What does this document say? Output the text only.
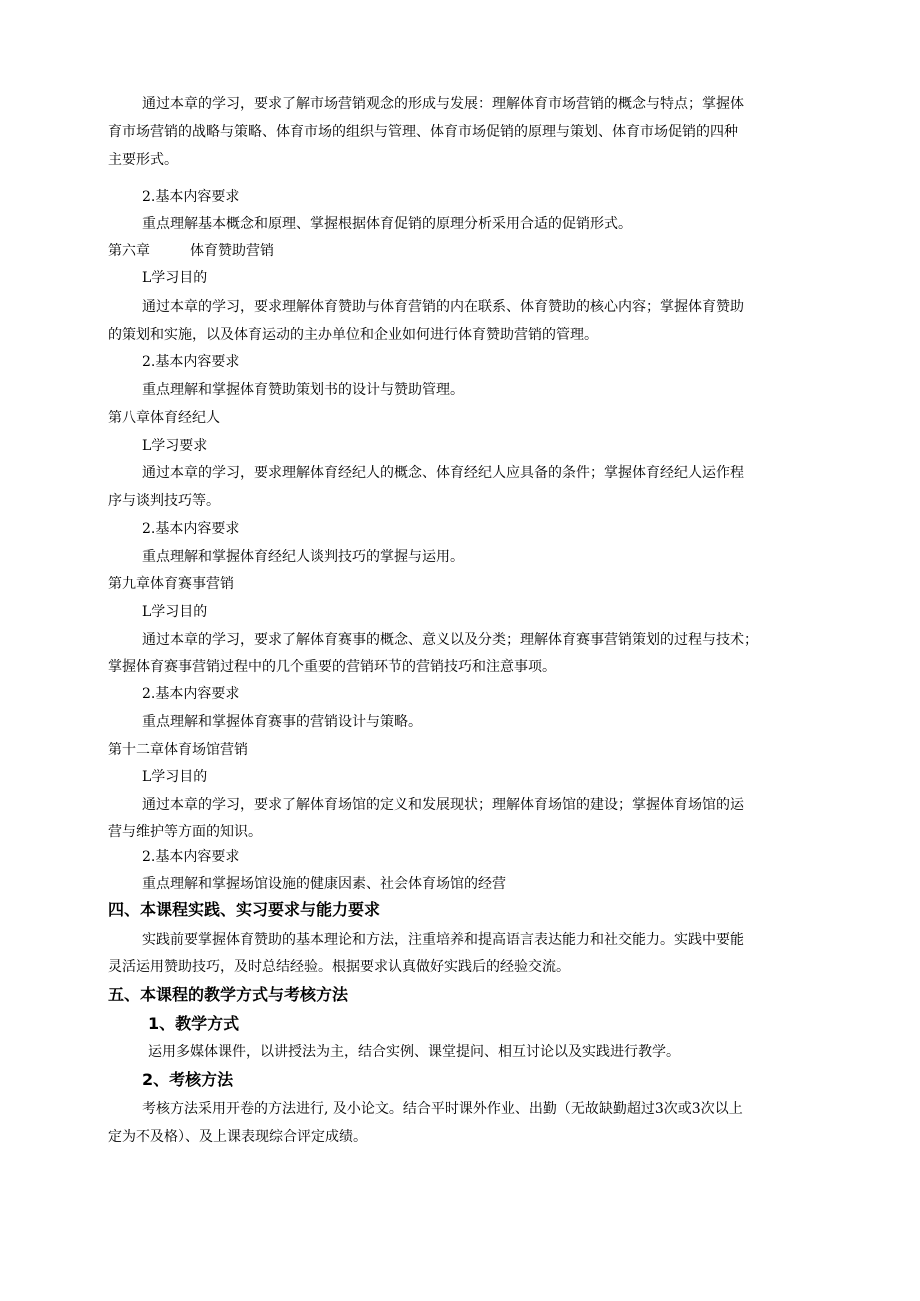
通过本章的学习，要求了解市场营销观念的形成与发展：理解体育市场营销的概念与特点；掌握体

育市场营销的战略与策略、体育市场的组织与管理、体育市场促销的原理与策划、体育市场促销的四种

主要形式。

2.基本内容要求

重点理解基本概念和原理、掌握根据体育促销的原理分析采用合适的促销形式。

第六章	体育赞助营销

L学习目的

通过本章的学习，要求理解体育赞助与体育营销的内在联系、体育赞助的核心内容；掌握体育赞助

的策划和实施，以及体育运动的主办单位和企业如何进行体育赞助营销的管理。

2.基本内容要求

重点理解和掌握体育赞助策划书的设计与赞助管理。

第八章体育经纪人

L学习要求

通过本章的学习，要求理解体育经纪人的概念、体育经纪人应具备的条件；掌握体育经纪人运作程

序与谈判技巧等。

2.基本内容要求

重点理解和掌握体育经纪人谈判技巧的掌握与运用。

第九章体育赛事营销

L学习目的

通过本章的学习，要求了解体育赛事的概念、意义以及分类；理解体育赛事营销策划的过程与技术；

掌握体育赛事营销过程中的几个重要的营销环节的营销技巧和注意事项。

2.基本内容要求

重点理解和掌握体育赛事的营销设计与策略。

第十二章体育场馆营销

L学习目的

通过本章的学习，要求了解体育场馆的定义和发展现状；理解体育场馆的建设；掌握体育场馆的运

营与维护等方面的知识。

2.基本内容要求

重点理解和掌握场馆设施的健康因素、社会体育场馆的经营

四、本课程实践、实习要求与能力要求

实践前要掌握体育赞助的基本理论和方法，注重培养和提高语言表达能力和社交能力。实践中要能

灵活运用赞助技巧，及时总结经验。根据要求认真做好实践后的经验交流。

五、本课程的教学方式与考核方法

1、教学方式

运用多媒体课件，以讲授法为主，结合实例、课堂提问、相互讨论以及实践进行教学。

2、考核方法

考核方法采用开卷的方法进行, 及小论文。结合平时课外作业、出勤（无故缺勤超过3次或3次以上

定为不及格）、及上课表现综合评定成绩。
